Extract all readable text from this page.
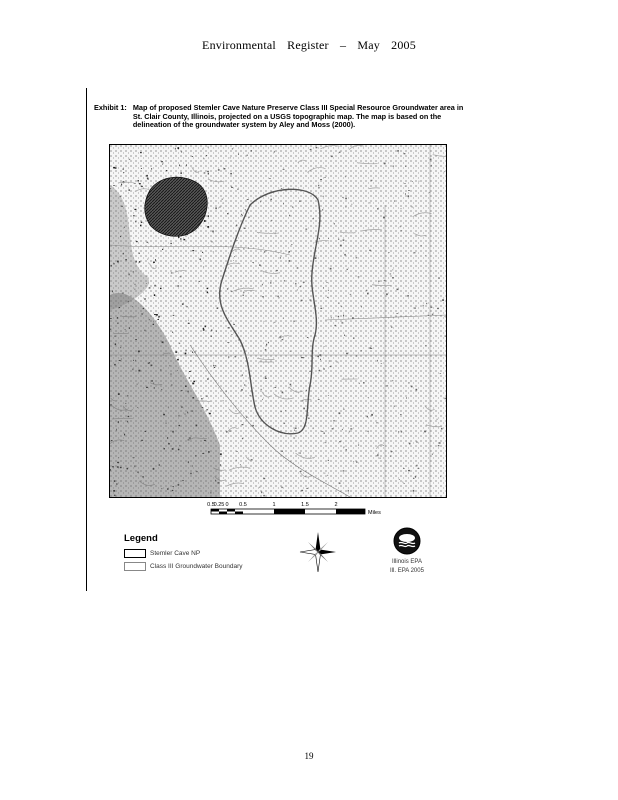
Environmental Register – May 2005
Exhibit 1: Map of proposed Stemler Cave Nature Preserve Class III Special Resource Groundwater area in St. Clair County, Illinois, projected on a USGS topographic map. The map is based on the delineation of the groundwater system by Aley and Moss (2000).
0.5
0.25 0 0.5	1	1.5	2
Miles
Legend
Stemler Cave NP
Class III Groundwater Boundary
Illinois EPA
Ill. EPA 2005
19
